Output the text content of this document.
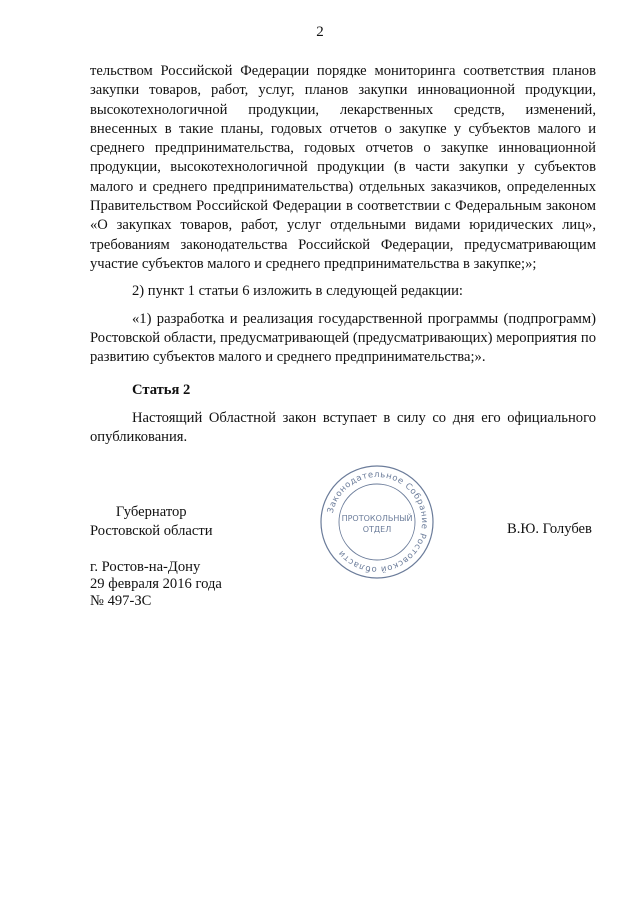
2

тельством Российской Федерации порядке мониторинга соответствия планов закупки товаров, работ, услуг, планов закупки инновационной продукции, высокотехнологичной продукции, лекарственных средств, изменений, внесенных в такие планы, годовых отчетов о закупке у субъектов малого и среднего предпринимательства, годовых отчетов о закупке инновационной продукции, высокотехнологичной продукции (в части закупки у субъектов малого и среднего предпринимательства) отдельных заказчиков, определенных Правительством Российской Федерации в соответствии с Федеральным законом «О закупках товаров, работ, услуг отдельными видами юридических лиц», требованиям законодательства Российской Федерации, предусматривающим участие субъектов малого и среднего предпринимательства в закупке;»;

2) пункт 1 статьи 6 изложить в следующей редакции:

«1) разработка и реализация государственной программы (подпрограмм) Ростовской области, предусматривающей (предусматривающих) мероприятия по развитию субъектов малого и среднего предпринимательства;».

Статья 2

Настоящий Областной закон вступает в силу со дня его официального опубликования.

Губернатор
Ростовской области	В.Ю. Голубев
г. Ростов-на-Дону
29 февраля 2016 года
№ 497-ЗС
Законодательное Собрание Ростовской области
ПРОТОКОЛЬНЫЙ
ОТДЕЛ
